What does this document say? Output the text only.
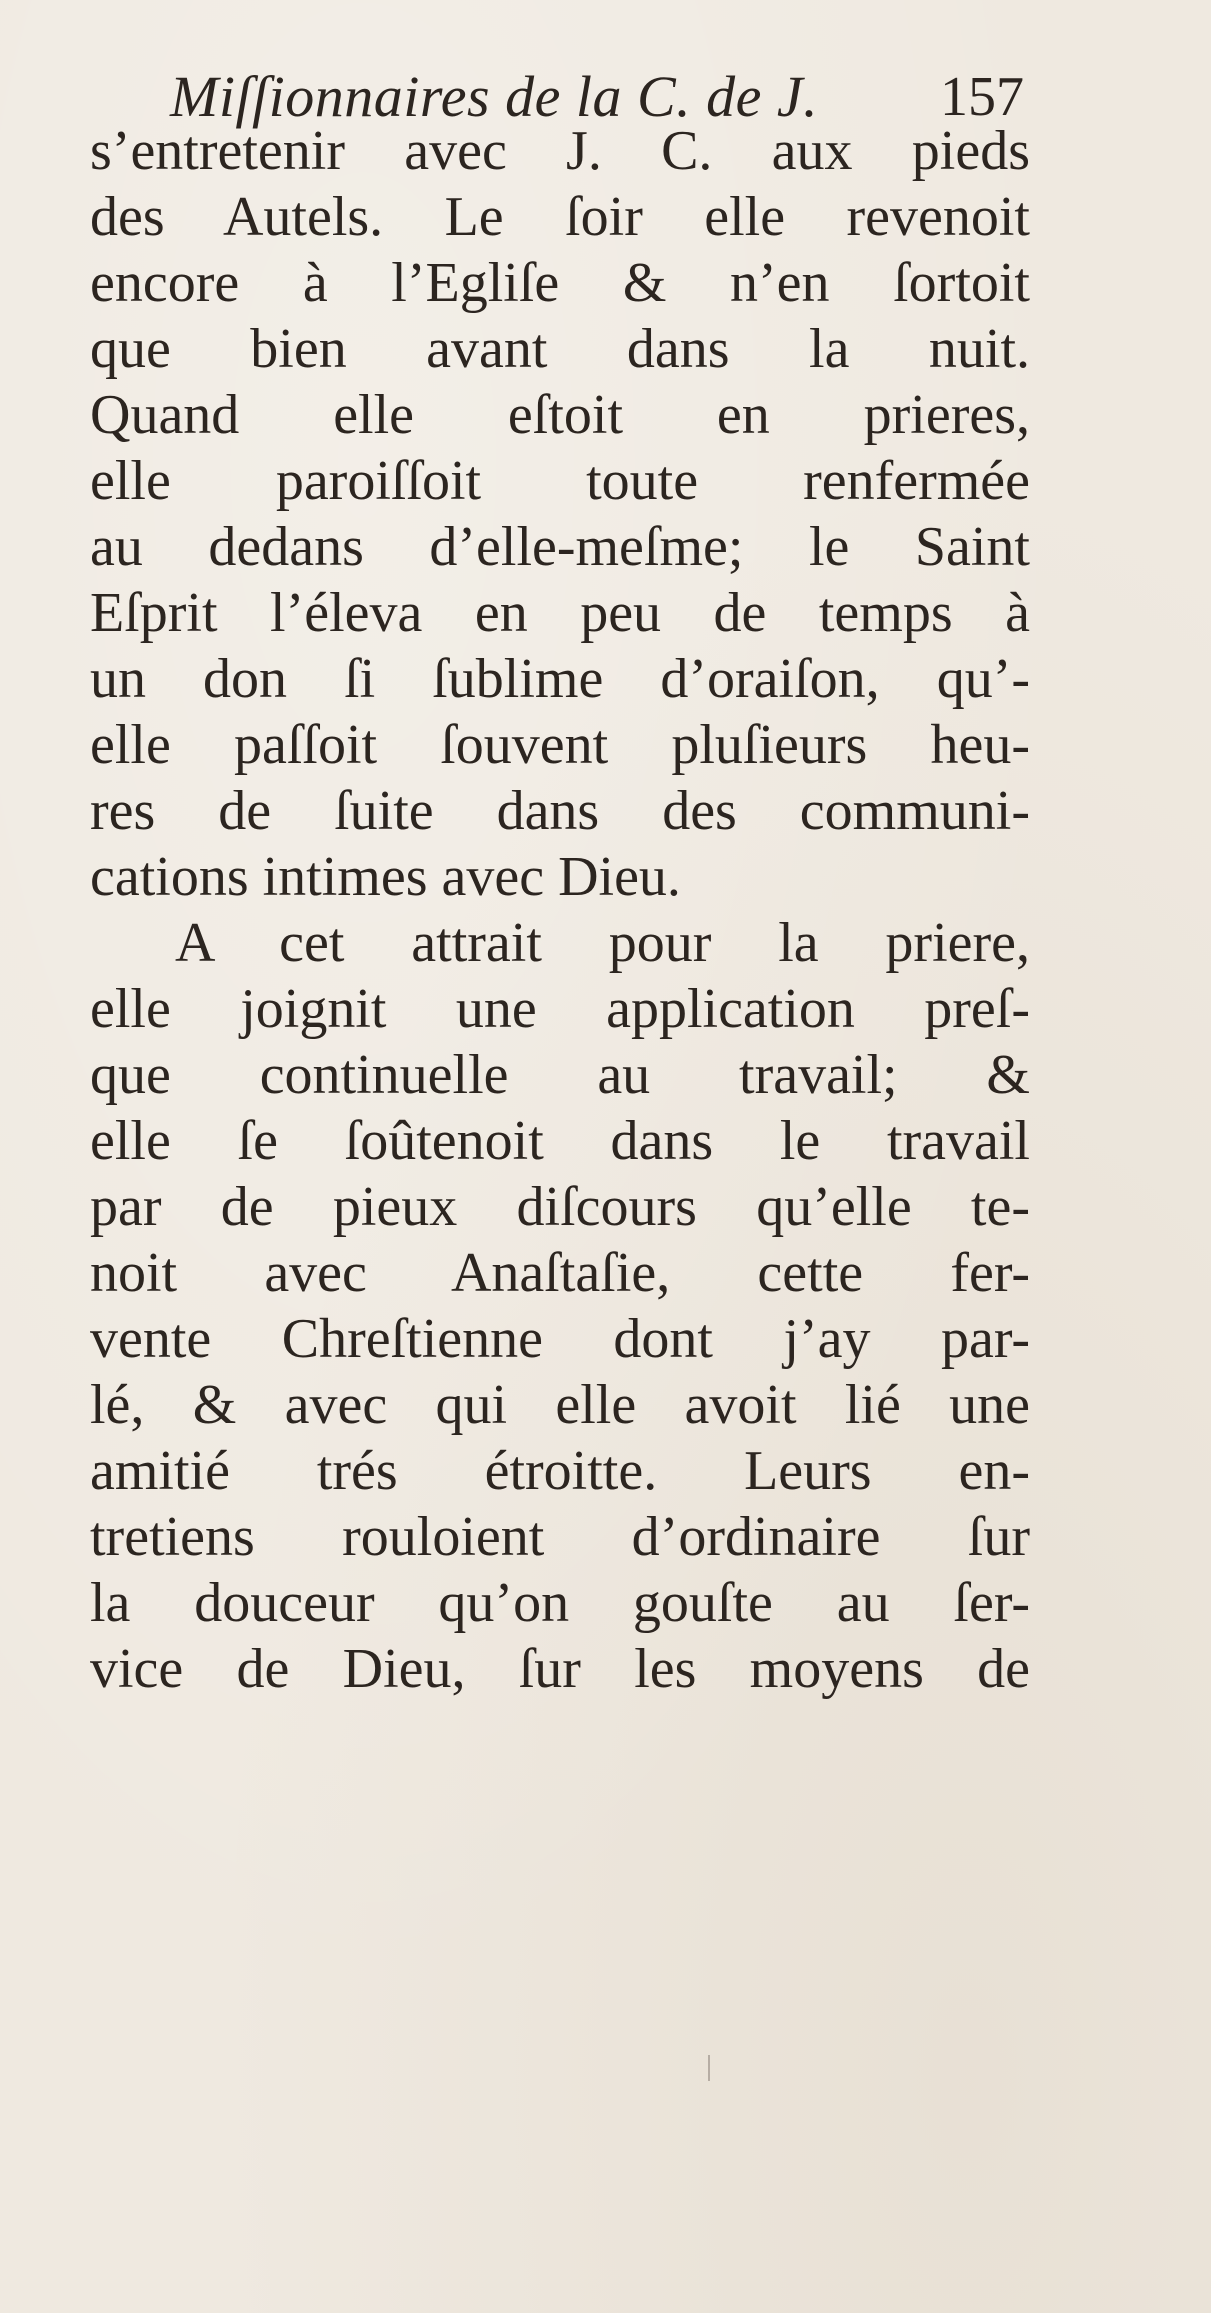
Miſſionnaires de la C. de J. 157
s’entretenir avec J. C. aux pieds
des Autels. Le ſoir elle revenoit
encore à l’Egliſe & n’en ſortoit
que bien avant dans la nuit.
Quand elle eſtoit en prieres,
elle paroiſſoit toute renfermée
au dedans d’elle-meſme; le Saint
Eſprit l’éleva en peu de temps à
un don ſi ſublime d’oraiſon, qu’-
elle paſſoit ſouvent pluſieurs heu-
res de ſuite dans des communi-
cations intimes avec Dieu.
A cet attrait pour la priere,
elle joignit une application preſ-
que continuelle au travail; &
elle ſe ſoûtenoit dans le travail
par de pieux diſcours qu’elle te-
noit avec Anaſtaſie, cette fer-
vente Chreſtienne dont j’ay par-
lé, & avec qui elle avoit lié une
amitié trés étroitte. Leurs en-
tretiens rouloient d’ordinaire ſur
la douceur qu’on gouſte au ſer-
vice de Dieu, ſur les moyens de
